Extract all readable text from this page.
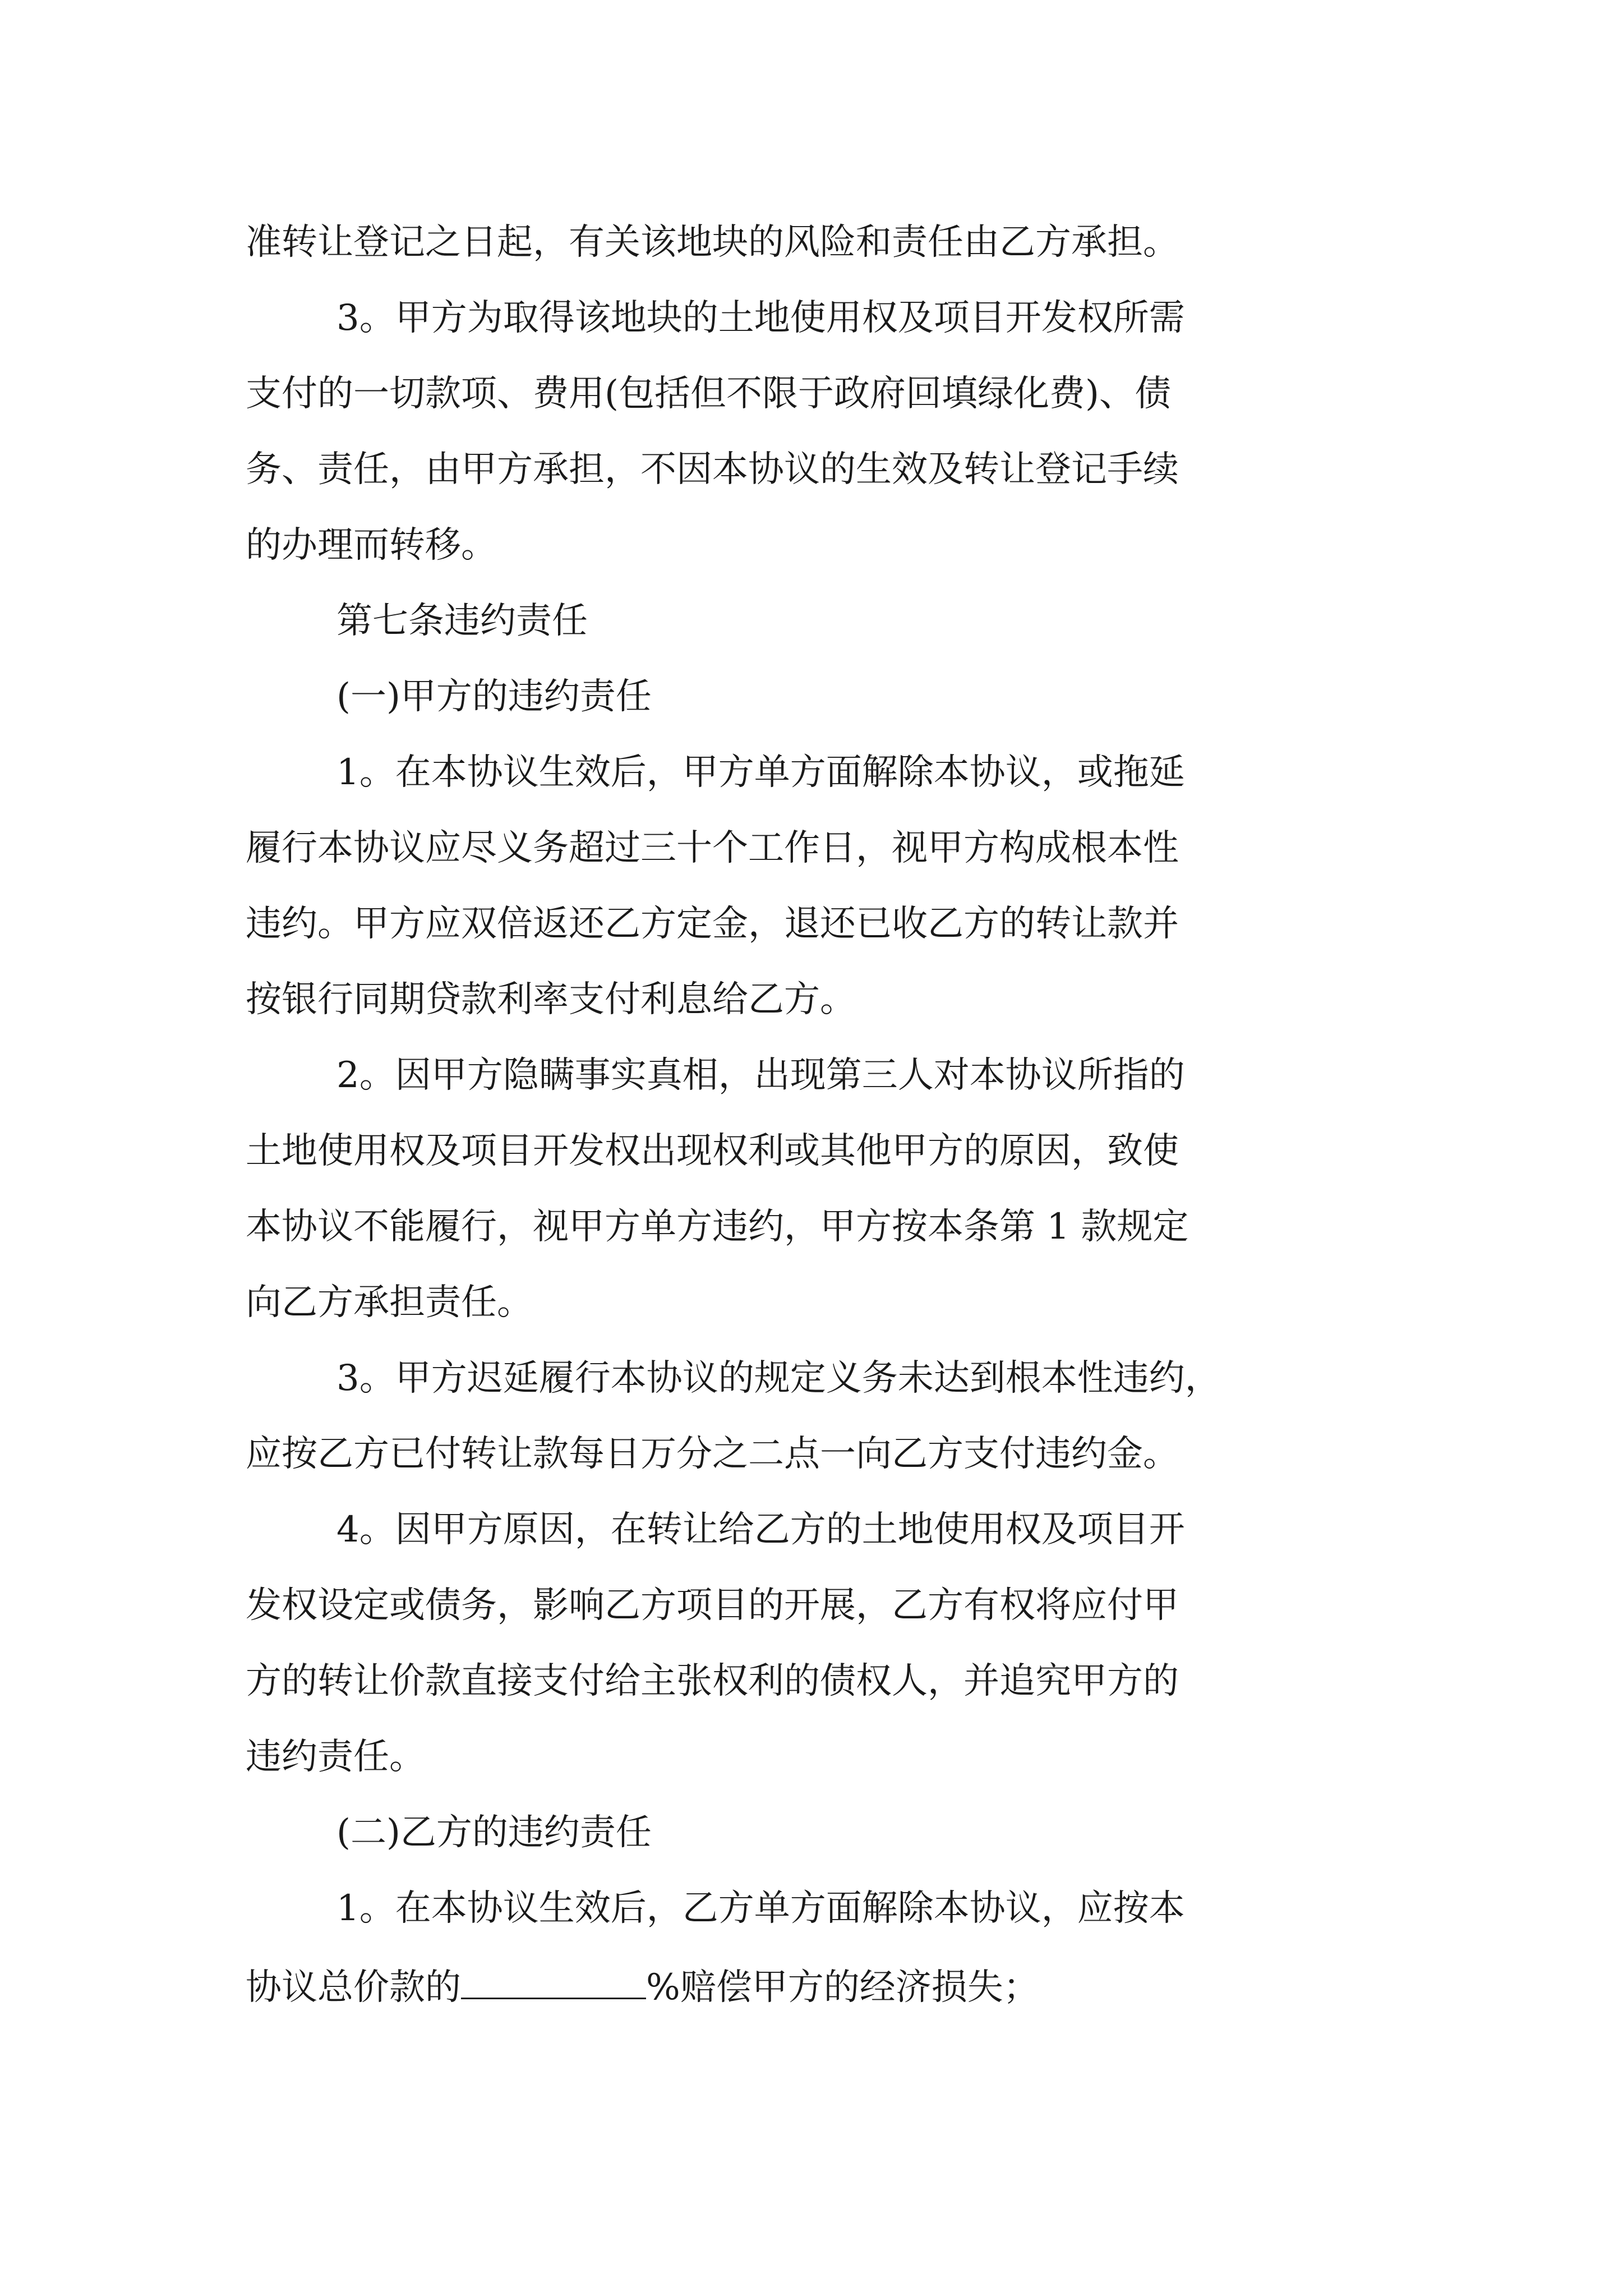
准转让登记之日起，有关该地块的风险和责任由乙方承担。

3。甲方为取得该地块的土地使用权及项目开发权所需

支付的一切款项、费用(包括但不限于政府回填绿化费)、债

务、责任，由甲方承担，不因本协议的生效及转让登记手续

的办理而转移。

第七条违约责任

(一)甲方的违约责任

1。在本协议生效后，甲方单方面解除本协议，或拖延

履行本协议应尽义务超过三十个工作日，视甲方构成根本性

违约。甲方应双倍返还乙方定金，退还已收乙方的转让款并

按银行同期贷款利率支付利息给乙方。

2。因甲方隐瞒事实真相，出现第三人对本协议所指的

土地使用权及项目开发权出现权利或其他甲方的原因，致使

本协议不能履行，视甲方单方违约，甲方按本条第 1 款规定

向乙方承担责任。

3。甲方迟延履行本协议的规定义务未达到根本性违约，

应按乙方已付转让款每日万分之二点一向乙方支付违约金。

4。因甲方原因，在转让给乙方的土地使用权及项目开

发权设定或债务，影响乙方项目的开展，乙方有权将应付甲

方的转让价款直接支付给主张权利的债权人，并追究甲方的

违约责任。

(二)乙方的违约责任

1。在本协议生效后，乙方单方面解除本协议，应按本

协议总价款的	%赔偿甲方的经济损失；
